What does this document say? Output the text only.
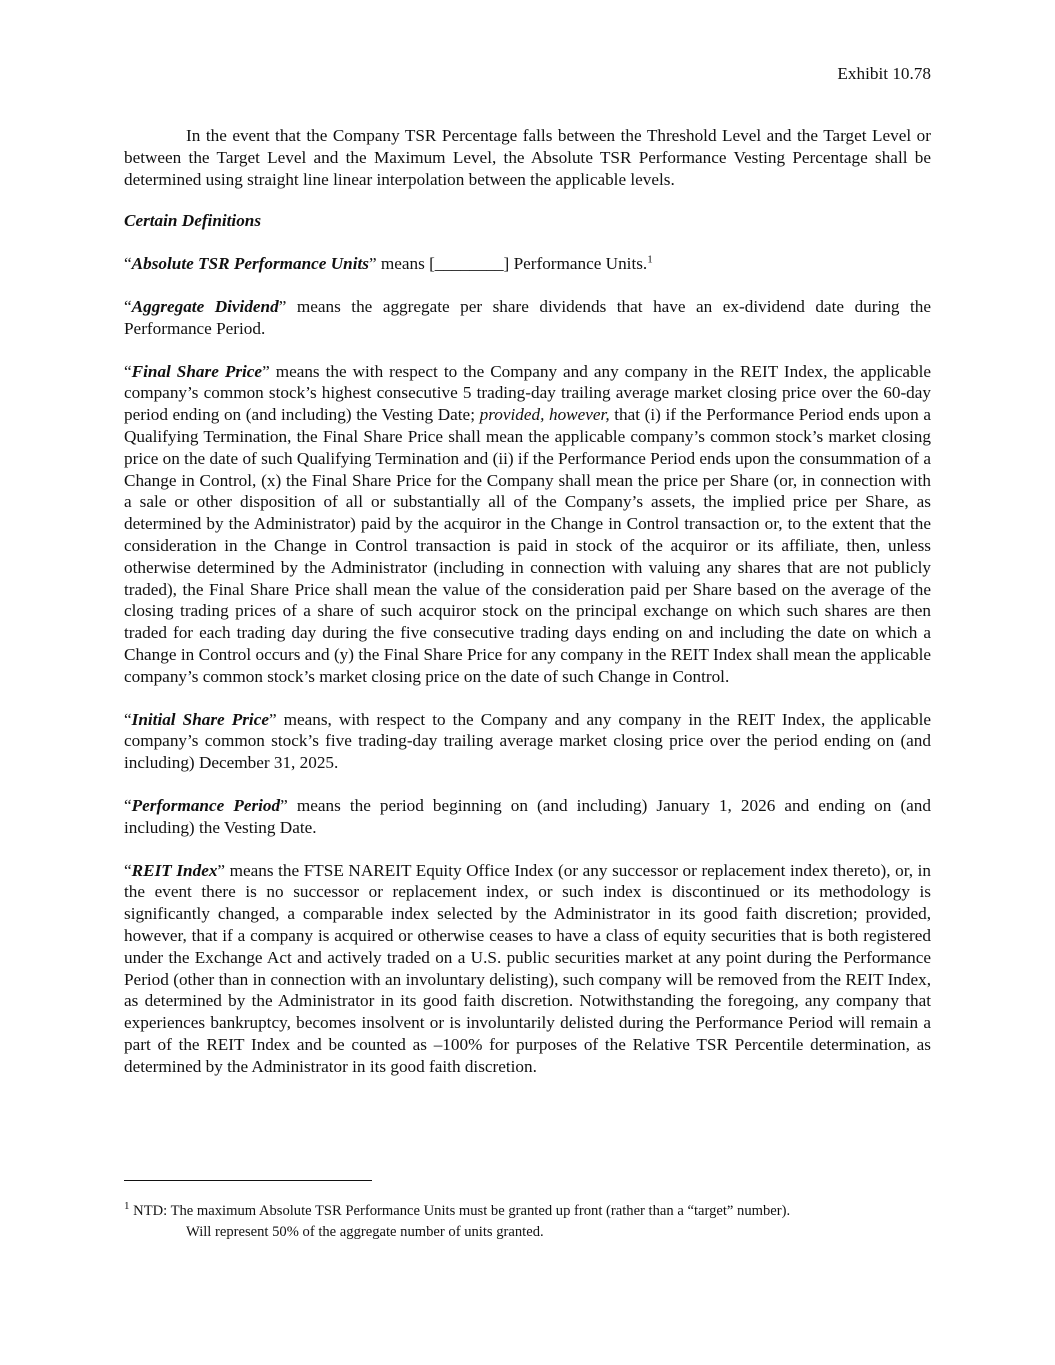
Exhibit 10.78

In the event that the Company TSR Percentage falls between the Threshold Level and the Target Level or between the Target Level and the Maximum Level, the Absolute TSR Performance Vesting Percentage shall be determined using straight line linear interpolation between the applicable levels.

Certain Definitions

“Absolute TSR Performance Units” means [________] Performance Units.$^1$

“Aggregate Dividend” means the aggregate per share dividends that have an ex-dividend date during the Performance Period.

“Final Share Price” means the with respect to the Company and any company in the REIT Index, the applicable company’s common stock’s highest consecutive 5 trading-day trailing average market closing price over the 60-day period ending on (and including) the Vesting Date; provided, however, that (i) if the Performance Period ends upon a Qualifying Termination, the Final Share Price shall mean the applicable company’s common stock’s market closing price on the date of such Qualifying Termination and (ii) if the Performance Period ends upon the consummation of a Change in Control, (x) the Final Share Price for the Company shall mean the price per Share (or, in connection with a sale or other disposition of all or substantially all of the Company’s assets, the implied price per Share, as determined by the Administrator) paid by the acquiror in the Change in Control transaction or, to the extent that the consideration in the Change in Control transaction is paid in stock of the acquiror or its affiliate, then, unless otherwise determined by the Administrator (including in connection with valuing any shares that are not publicly traded), the Final Share Price shall mean the value of the consideration paid per Share based on the average of the closing trading prices of a share of such acquiror stock on the principal exchange on which such shares are then traded for each trading day during the five consecutive trading days ending on and including the date on which a Change in Control occurs and (y) the Final Share Price for any company in the REIT Index shall mean the applicable company’s common stock’s market closing price on the date of such Change in Control.

“Initial Share Price” means, with respect to the Company and any company in the REIT Index, the applicable company’s common stock’s five trading-day trailing average market closing price over the period ending on (and including) December 31, 2025.

“Performance Period” means the period beginning on (and including) January 1, 2026 and ending on (and including) the Vesting Date.

“REIT Index” means the FTSE NAREIT Equity Office Index (or any successor or replacement index thereto), or, in the event there is no successor or replacement index, or such index is discontinued or its methodology is significantly changed, a comparable index selected by the Administrator in its good faith discretion; provided, however, that if a company is acquired or otherwise ceases to have a class of equity securities that is both registered under the Exchange Act and actively traded on a U.S. public securities market at any point during the Performance Period (other than in connection with an involuntary delisting), such company will be removed from the REIT Index, as determined by the Administrator in its good faith discretion. Notwithstanding the foregoing, any company that experiences bankruptcy, becomes insolvent or is involuntarily delisted during the Performance Period will remain a part of the REIT Index and be counted as –100% for purposes of the Relative TSR Percentile determination, as determined by the Administrator in its good faith discretion.

$^1$ NTD: The maximum Absolute TSR Performance Units must be granted up front (rather than a “target” number).
Will represent 50% of the aggregate number of units granted.
